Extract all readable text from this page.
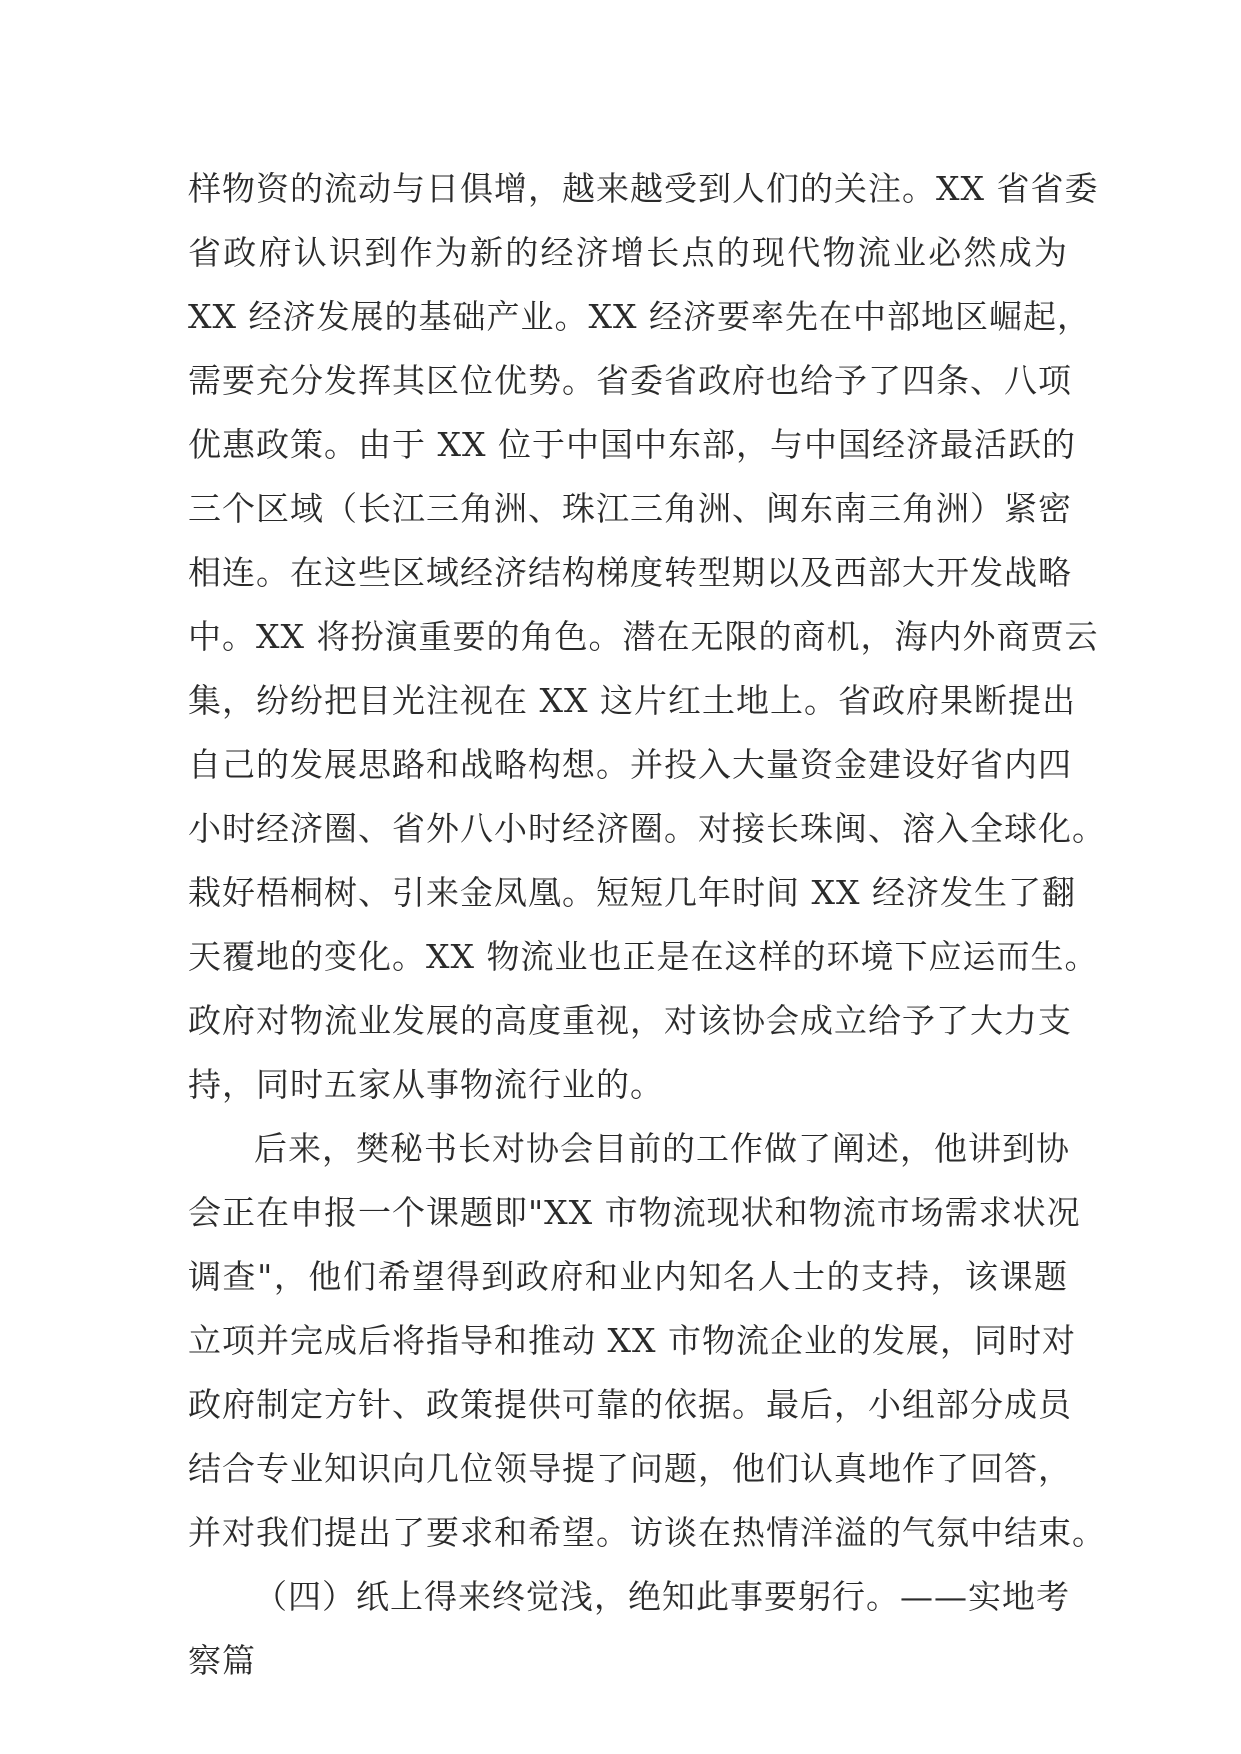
样物资的流动与日俱增，越来越受到人们的关注。XX 省省委
省政府认识到作为新的经济增长点的现代物流业必然成为
XX 经济发展的基础产业。XX 经济要率先在中部地区崛起，
需要充分发挥其区位优势。省委省政府也给予了四条、八项
优惠政策。由于 XX 位于中国中东部，与中国经济最活跃的
三个区域（长江三角洲、珠江三角洲、闽东南三角洲）紧密
相连。在这些区域经济结构梯度转型期以及西部大开发战略
中。XX 将扮演重要的角色。潜在无限的商机，海内外商贾云
集，纷纷把目光注视在 XX 这片红土地上。省政府果断提出
自己的发展思路和战略构想。并投入大量资金建设好省内四
小时经济圈、省外八小时经济圈。对接长珠闽、溶入全球化。
栽好梧桐树、引来金凤凰。短短几年时间 XX 经济发生了翻
天覆地的变化。XX 物流业也正是在这样的环境下应运而生。
政府对物流业发展的高度重视，对该协会成立给予了大力支
持，同时五家从事物流行业的。
后来，樊秘书长对协会目前的工作做了阐述，他讲到协
会正在申报一个课题即"XX 市物流现状和物流市场需求状况
调查"，他们希望得到政府和业内知名人士的支持，该课题
立项并完成后将指导和推动 XX 市物流企业的发展，同时对
政府制定方针、政策提供可靠的依据。最后，小组部分成员
结合专业知识向几位领导提了问题，他们认真地作了回答，
并对我们提出了要求和希望。访谈在热情洋溢的气氛中结束。
（四）纸上得来终觉浅，绝知此事要躬行。——实地考
察篇
